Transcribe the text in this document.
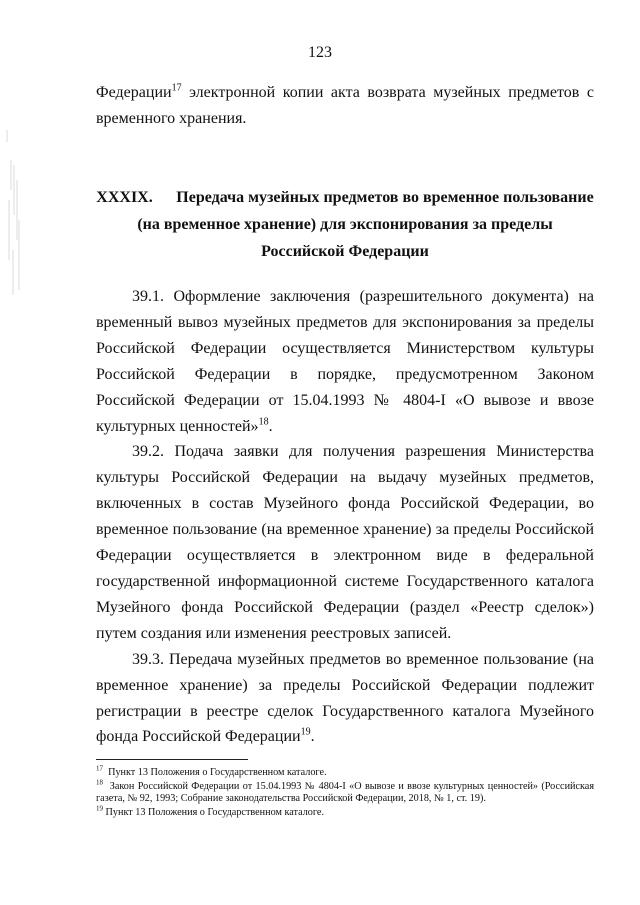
123

Федерации$^{17}$ электронной копии акта возврата музейных предметов с временного хранения.

XXXIX. Передача музейных предметов во временное пользование (на временное хранение) для экспонирования за пределы Российской Федерации

39.1. Оформление заключения (разрешительного документа) на временный вывоз музейных предметов для экспонирования за пределы Российской Федерации осуществляется Министерством культуры Российской Федерации в порядке, предусмотренном Законом Российской Федерации от 15.04.1993 № 4804-I «О вывозе и ввозе культурных ценностей»$^{18}$.

39.2. Подача заявки для получения разрешения Министерства культуры Российской Федерации на выдачу музейных предметов, включенных в состав Музейного фонда Российской Федерации, во временное пользование (на временное хранение) за пределы Российской Федерации осуществляется в электронном виде в федеральной государственной информационной системе Государственного каталога Музейного фонда Российской Федерации (раздел «Реестр сделок») путем создания или изменения реестровых записей.

39.3. Передача музейных предметов во временное пользование (на временное хранение) за пределы Российской Федерации подлежит регистрации в реестре сделок Государственного каталога Музейного фонда Российской Федерации$^{19}$.

$^{17}$ Пункт 13 Положения о Государственном каталоге.

$^{18}$ Закон Российской Федерации от 15.04.1993 № 4804-I «О вывозе и ввозе культурных ценностей» (Российская газета, № 92, 1993; Собрание законодательства Российской Федерации, 2018, № 1, ст. 19).

$^{19}$ Пункт 13 Положения о Государственном каталоге.
